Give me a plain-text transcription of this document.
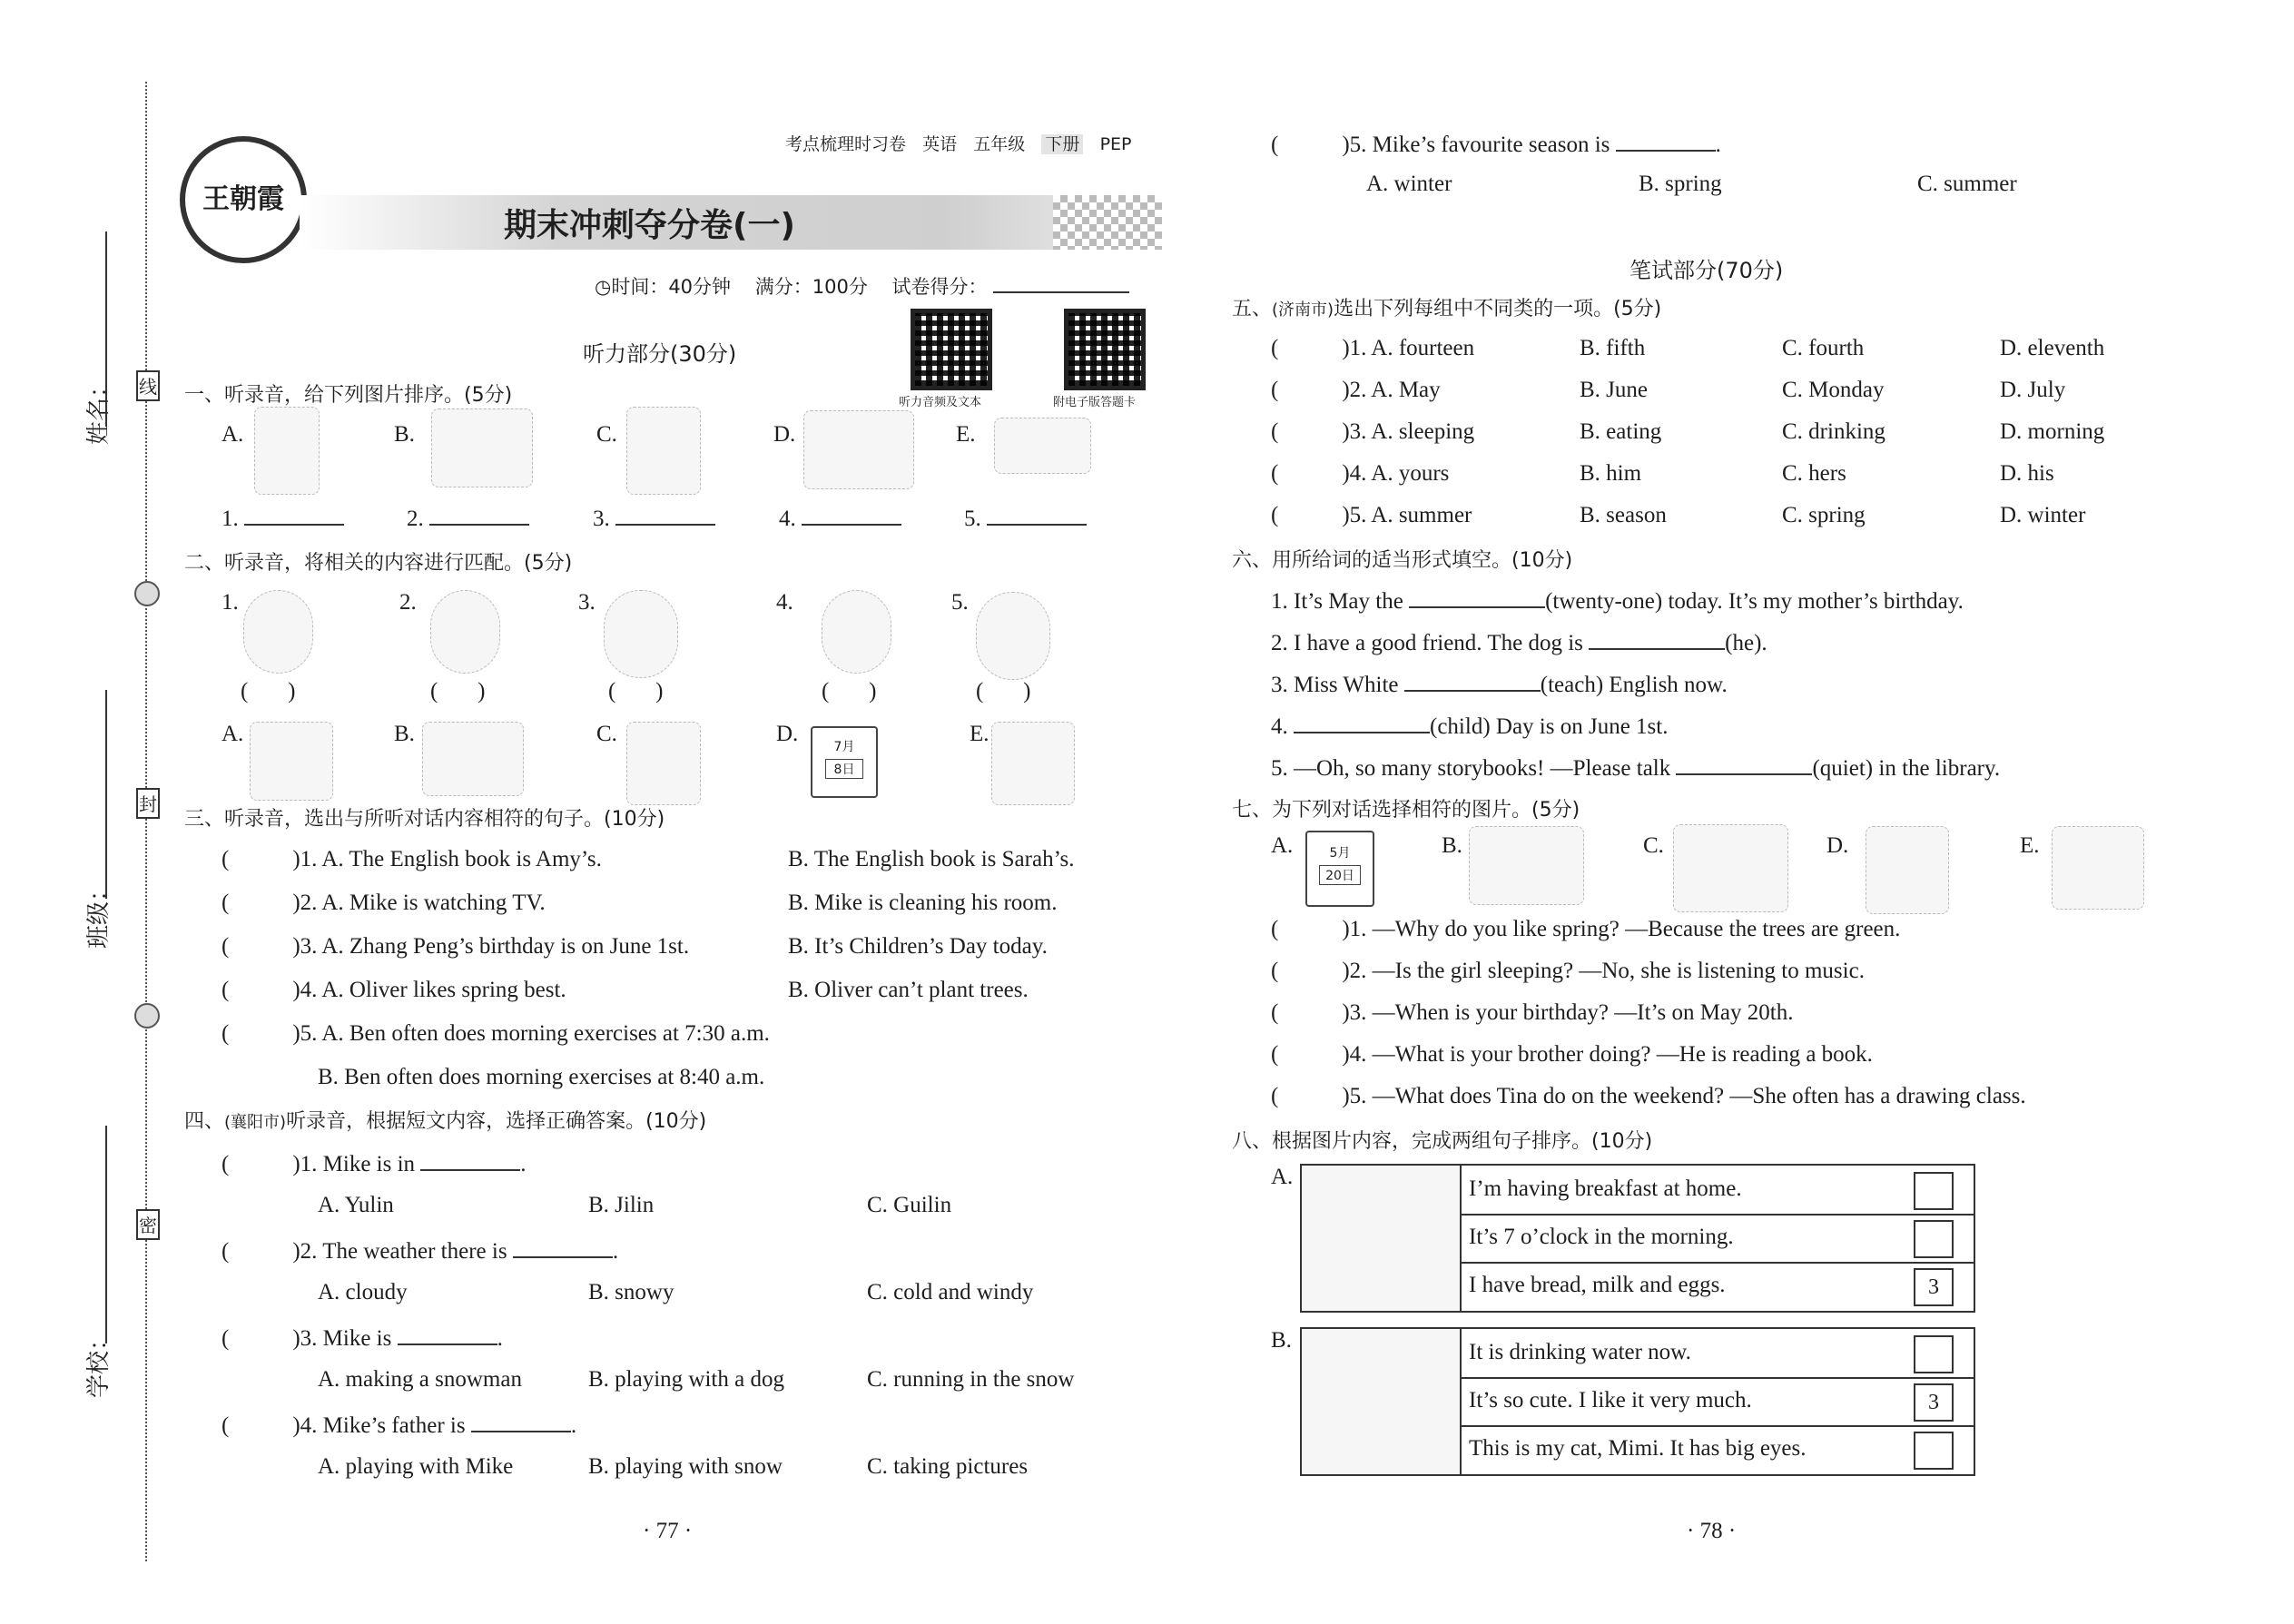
姓名：
班级：
学校：
线
封
密
王朝霞
期末冲刺夺分卷(一)
考点梳理时习卷 英语 五年级 下册 PEP
◷时间：40分钟 满分：100分 试卷得分：
听力音频及文本	附电子版答题卡
听力部分(30分)
一、听录音，给下列图片排序。(5分)
A.	B.	C.	D.	E.
1.	2.	3.	4.	5.
二、听录音，将相关的内容进行匹配。(5分)
1.	2.	3.	4.	5.
(       )	(       )	(       )	(       )	(       )
A.	B.	C.	D.
7月
8日
E.
三、听录音，选出与所听对话内容相符的句子。(10分)
(	)1. A. The English book is Amy’s.	B. The English book is Sarah’s.
(	)2. A. Mike is watching TV.	B. Mike is cleaning his room.
(	)3. A. Zhang Peng’s birthday is on June 1st.	B. It’s Children’s Day today.
(	)4. A. Oliver likes spring best.	B. Oliver can’t plant trees.
(	)5. A. Ben often does morning exercises at 7:30 a.m.
B. Ben often does morning exercises at 8:40 a.m.
四、(襄阳市)听录音，根据短文内容，选择正确答案。(10分)
(	)1. Mike is in	.
A. Yulin	B. Jilin	C. Guilin
(	)2. The weather there is	.
A. cloudy	B. snowy	C. cold and windy
(	)3. Mike is	.
A. making a snowman	B. playing with a dog	C. running in the snow
(	)4. Mike’s father is	.
A. playing with Mike	B. playing with snow	C. taking pictures
· 77 ·
(	)5. Mike’s favourite season is	.
A. winter	B. spring	C. summer
笔试部分(70分)
五、(济南市)选出下列每组中不同类的一项。(5分)
(	)1. A. fourteen	B. fifth	C. fourth	D. eleventh
(	)2. A. May	B. June	C. Monday	D. July
(	)3. A. sleeping	B. eating	C. drinking	D. morning
(	)4. A. yours	B. him	C. hers	D. his
(	)5. A. summer	B. season	C. spring	D. winter
六、用所给词的适当形式填空。(10分)
1. It’s May the	(twenty-one) today. It’s my mother’s birthday.
2. I have a good friend. The dog is	(he).
3. Miss White	(teach) English now.
4.	(child) Day is on June 1st.
5. —Oh, so many storybooks! —Please talk	(quiet) in the library.
七、为下列对话选择相符的图片。(5分)
A.	5月
20日
B.	C.	D.	E.
(	)1. —Why do you like spring? —Because the trees are green.
(	)2. —Is the girl sleeping? —No, she is listening to music.
(	)3. —When is your birthday? —It’s on May 20th.
(	)4. —What is your brother doing? —He is reading a book.
(	)5. —What does Tina do on the weekend? —She often has a drawing class.
八、根据图片内容，完成两组句子排序。(10分)
A.	I’m having breakfast at home.
It’s 7 o’clock in the morning.
I have bread, milk and eggs.	3
B.	It is drinking water now.
It’s so cute. I like it very much.	3
This is my cat, Mimi. It has big eyes.
· 78 ·
